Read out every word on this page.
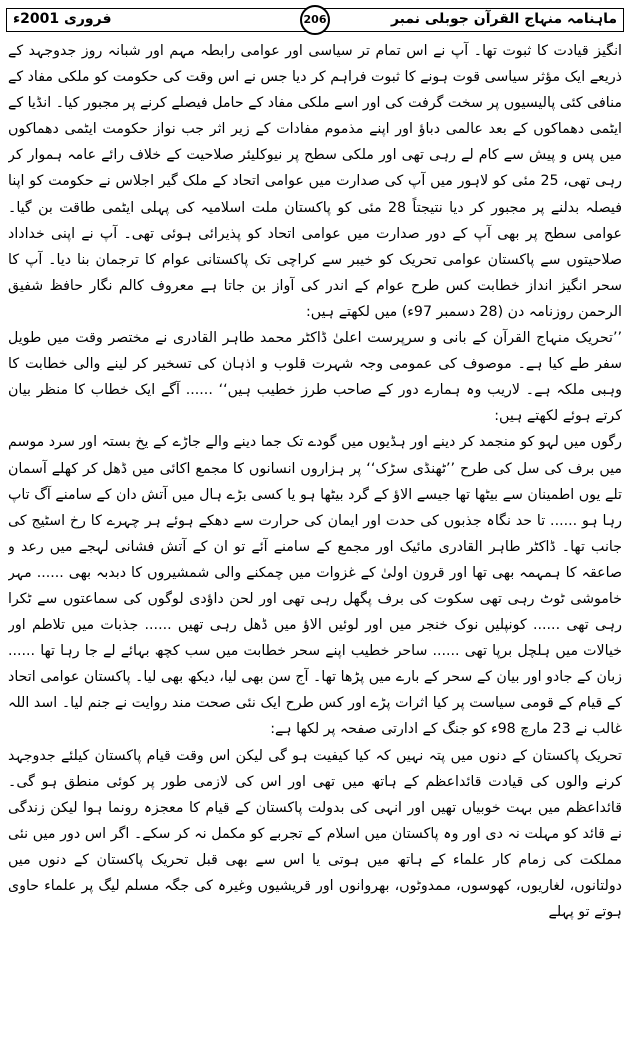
فروری 2001ء	206	ماہنامہ منہاج القرآن جوبلی نمبر

انگیز قیادت کا ثبوت تھا۔ آپ نے اس تمام تر سیاسی اور عوامی رابطہ مہم اور شبانہ روز جدوجہد کے ذریعے ایک مؤثر سیاسی قوت ہونے کا ثبوت فراہم کر دیا جس نے اس وقت کی حکومت کو ملکی مفاد کے منافی کئی پالیسیوں پر سخت گرفت کی اور اسے ملکی مفاد کے حامل فیصلے کرنے پر مجبور کیا۔ انڈیا کے ایٹمی دھماکوں کے بعد عالمی دباؤ اور اپنے مذموم مفادات کے زیر اثر جب نواز حکومت ایٹمی دھماکوں میں پس و پیش سے کام لے رہی تھی اور ملکی سطح پر نیوکلیئر صلاحیت کے خلاف رائے عامہ ہموار کر رہی تھی، 25 مئی کو لاہور میں آپ کی صدارت میں عوامی اتحاد کے ملک گیر اجلاس نے حکومت کو اپنا فیصلہ بدلنے پر مجبور کر دیا نتیجتاً 28 مئی کو پاکستان ملت اسلامیہ کی پہلی ایٹمی طاقت بن گیا۔ عوامی سطح پر بھی آپ کے دور صدارت میں عوامی اتحاد کو پذیرائی ہوئی تھی۔ آپ نے اپنی خداداد صلاحیتوں سے پاکستان عوامی تحریک کو خیبر سے کراچی تک پاکستانی عوام کا ترجمان بنا دیا۔ آپ کا سحر انگیز انداز خطابت کس طرح عوام کے اندر کی آواز بن جاتا ہے معروف کالم نگار حافظ شفیق الرحمن روزنامہ دن (28 دسمبر 97ء) میں لکھتے ہیں:

’’تحریک منہاج القرآن کے بانی و سرپرست اعلیٰ ڈاکٹر محمد طاہر القادری نے مختصر وقت میں طویل سفر طے کیا ہے۔ موصوف کی عمومی وجہ شہرت قلوب و اذہان کی تسخیر کر لینے والی خطابت کا وہبی ملکہ ہے۔ لاریب وہ ہمارے دور کے صاحب طرز خطیب ہیں‘‘ ...... آگے ایک خطاب کا منظر بیان کرتے ہوئے لکھتے ہیں:

رگوں میں لہو کو منجمد کر دینے اور ہڈیوں میں گودے تک جما دینے والے جاڑے کے یخ بستہ اور سرد موسم میں برف کی سل کی طرح ’’ٹھنڈی سڑک‘‘ پر ہزاروں انسانوں کا مجمع اکائی میں ڈھل کر کھلے آسمان تلے یوں اطمینان سے بیٹھا تھا جیسے الاؤ کے گرد بیٹھا ہو یا کسی بڑے ہال میں آتش دان کے سامنے آگ تاپ رہا ہو ...... تا حد نگاہ جذبوں کی حدت اور ایمان کی حرارت سے دھکے ہوئے ہر چہرے کا رخ اسٹیج کی جانب تھا۔ ڈاکٹر طاہر القادری مائیک اور مجمع کے سامنے آئے تو ان کے آتش فشانی لہجے میں رعد و صاعقہ کا ہمہمہ بھی تھا اور قرون اولیٰ کے غزوات میں چمکنے والی شمشیروں کا دبدبہ بھی ...... مہر خاموشی ٹوٹ رہی تھی سکوت کی برف پگھل رہی تھی اور لحن داؤدی لوگوں کی سماعتوں سے ٹکرا رہی تھی ...... کونپلیں نوک خنجر میں اور لوئیں الاؤ میں ڈھل رہی تھیں ...... جذبات میں تلاطم اور خیالات میں ہلچل برپا تھی ...... ساحر خطیب اپنے سحر خطابت میں سب کچھ بہائے لے جا رہا تھا ...... زبان کے جادو اور بیان کے سحر کے بارے میں پڑھا تھا۔ آج سن بھی لیا، دیکھ بھی لیا۔ پاکستان عوامی اتحاد کے قیام کے قومی سیاست پر کیا اثرات پڑے اور کس طرح ایک نئی صحت مند روایت نے جنم لیا۔ اسد اللہ غالب نے 23 مارچ 98ء کو جنگ کے ادارتی صفحہ پر لکھا ہے:

تحریک پاکستان کے دنوں میں پتہ نہیں کہ کیا کیفیت ہو گی لیکن اس وقت قیام پاکستان کیلئے جدوجہد کرنے والوں کی قیادت قائداعظم کے ہاتھ میں تھی اور اس کی لازمی طور پر کوئی منطق ہو گی۔ قائداعظم میں بہت خوبیاں تھیں اور انہی کی بدولت پاکستان کے قیام کا معجزہ رونما ہوا لیکن زندگی نے قائد کو مہلت نہ دی اور وہ پاکستان میں اسلام کے تجربے کو مکمل نہ کر سکے۔ اگر اس دور میں نئی مملکت کی زمام کار علماء کے ہاتھ میں ہوتی یا اس سے بھی قبل تحریک پاکستان کے دنوں میں دولتانوں، لغاریوں، کھوسوں، ممدوٹوں، بھروانوں اور قریشیوں وغیرہ کی جگہ مسلم لیگ پر علماء حاوی ہوتے تو پہلے
